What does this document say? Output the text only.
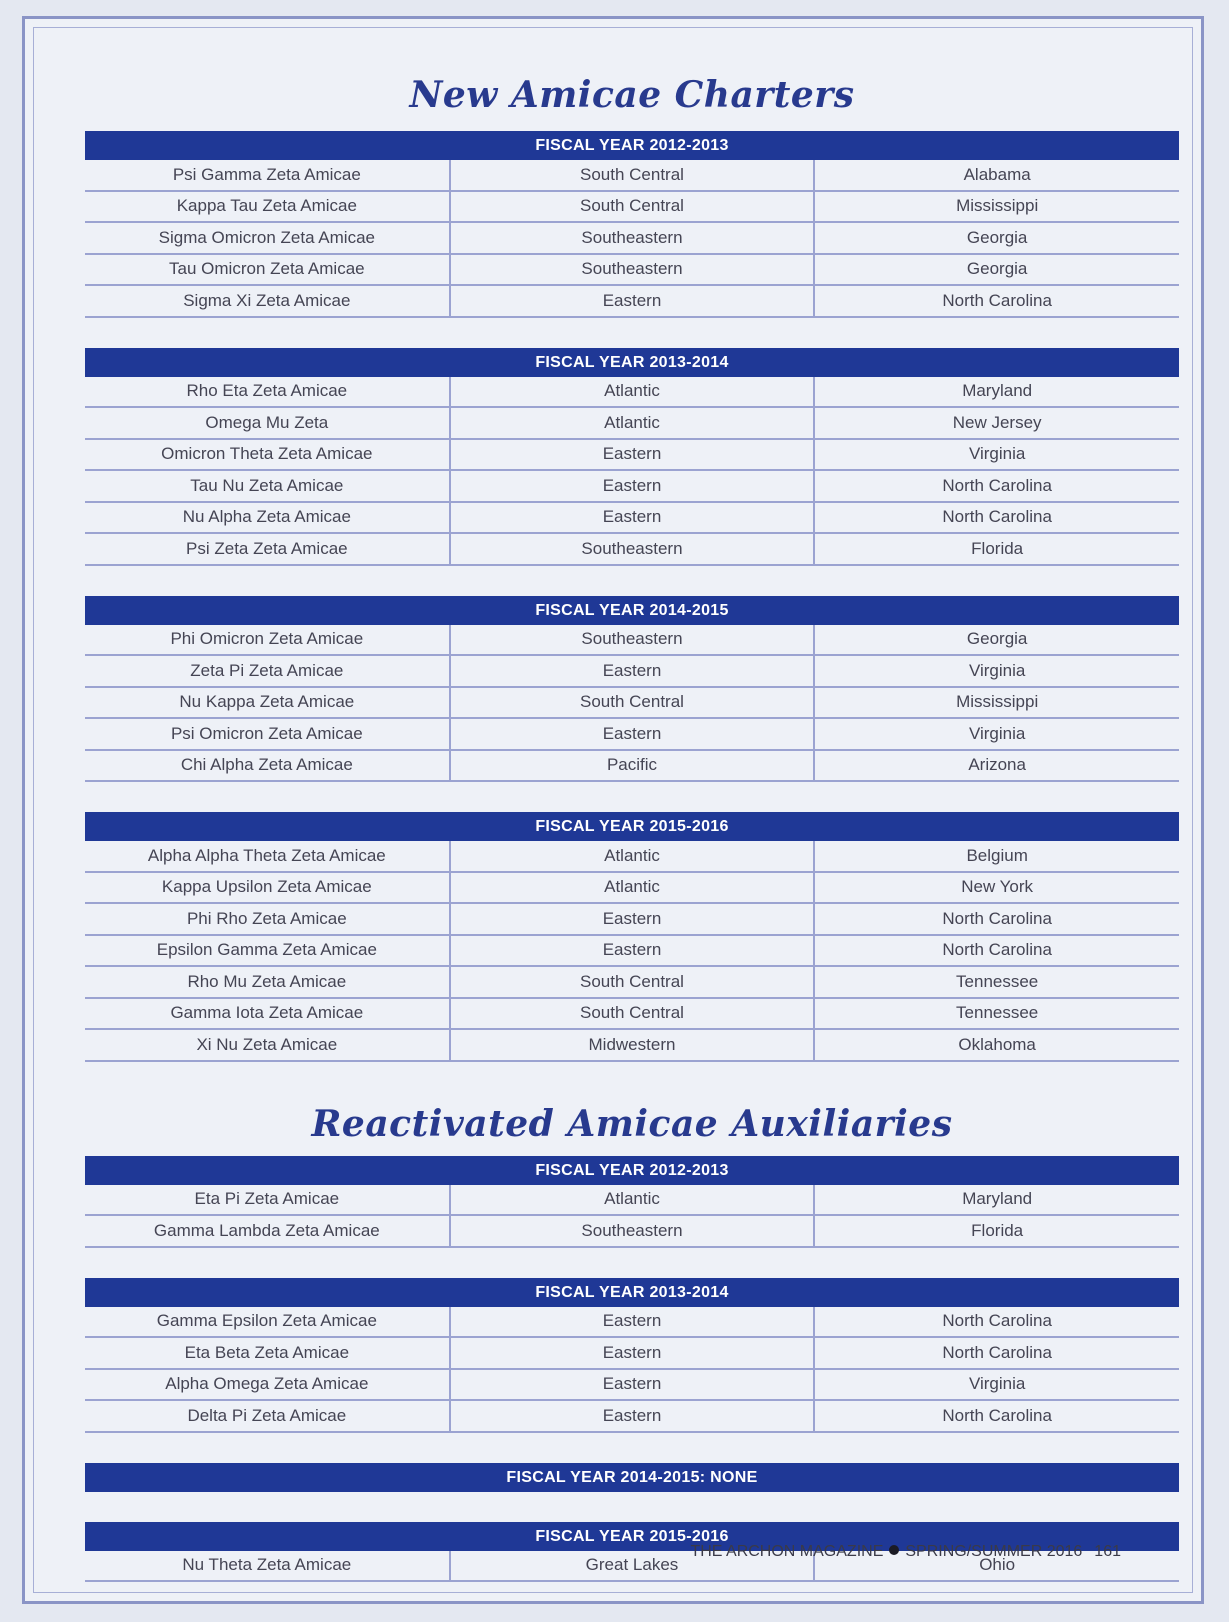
New Amicae Charters
FISCAL YEAR 2012-2013
Psi Gamma Zeta Amicae	South Central	Alabama
Kappa Tau Zeta Amicae	South Central	Mississippi
Sigma Omicron Zeta Amicae	Southeastern	Georgia
Tau Omicron Zeta Amicae	Southeastern	Georgia
Sigma Xi Zeta Amicae	Eastern	North Carolina
FISCAL YEAR 2013-2014
Rho Eta Zeta Amicae	Atlantic	Maryland
Omega Mu Zeta	Atlantic	New Jersey
Omicron Theta Zeta Amicae	Eastern	Virginia
Tau Nu Zeta Amicae	Eastern	North Carolina
Nu Alpha Zeta Amicae	Eastern	North Carolina
Psi Zeta Zeta Amicae	Southeastern	Florida
FISCAL YEAR 2014-2015
Phi Omicron Zeta Amicae	Southeastern	Georgia
Zeta Pi Zeta Amicae	Eastern	Virginia
Nu Kappa Zeta Amicae	South Central	Mississippi
Psi Omicron Zeta Amicae	Eastern	Virginia
Chi Alpha Zeta Amicae	Pacific	Arizona
FISCAL YEAR 2015-2016
Alpha Alpha Theta Zeta Amicae	Atlantic	Belgium
Kappa Upsilon Zeta Amicae	Atlantic	New York
Phi Rho Zeta Amicae	Eastern	North Carolina
Epsilon Gamma Zeta Amicae	Eastern	North Carolina
Rho Mu Zeta Amicae	South Central	Tennessee
Gamma Iota Zeta Amicae	South Central	Tennessee
Xi Nu Zeta Amicae	Midwestern	Oklahoma
Reactivated Amicae Auxiliaries
FISCAL YEAR 2012-2013
Eta Pi Zeta Amicae	Atlantic	Maryland
Gamma Lambda Zeta Amicae	Southeastern	Florida
FISCAL YEAR 2013-2014
Gamma Epsilon Zeta Amicae	Eastern	North Carolina
Eta Beta Zeta Amicae	Eastern	North Carolina
Alpha Omega Zeta Amicae	Eastern	Virginia
Delta Pi Zeta Amicae	Eastern	North Carolina
FISCAL YEAR 2014-2015: NONE
FISCAL YEAR 2015-2016
Nu Theta Zeta Amicae	Great Lakes	Ohio
THE ARCHON MAGAZINE SPRING/SUMMER 2016 161
